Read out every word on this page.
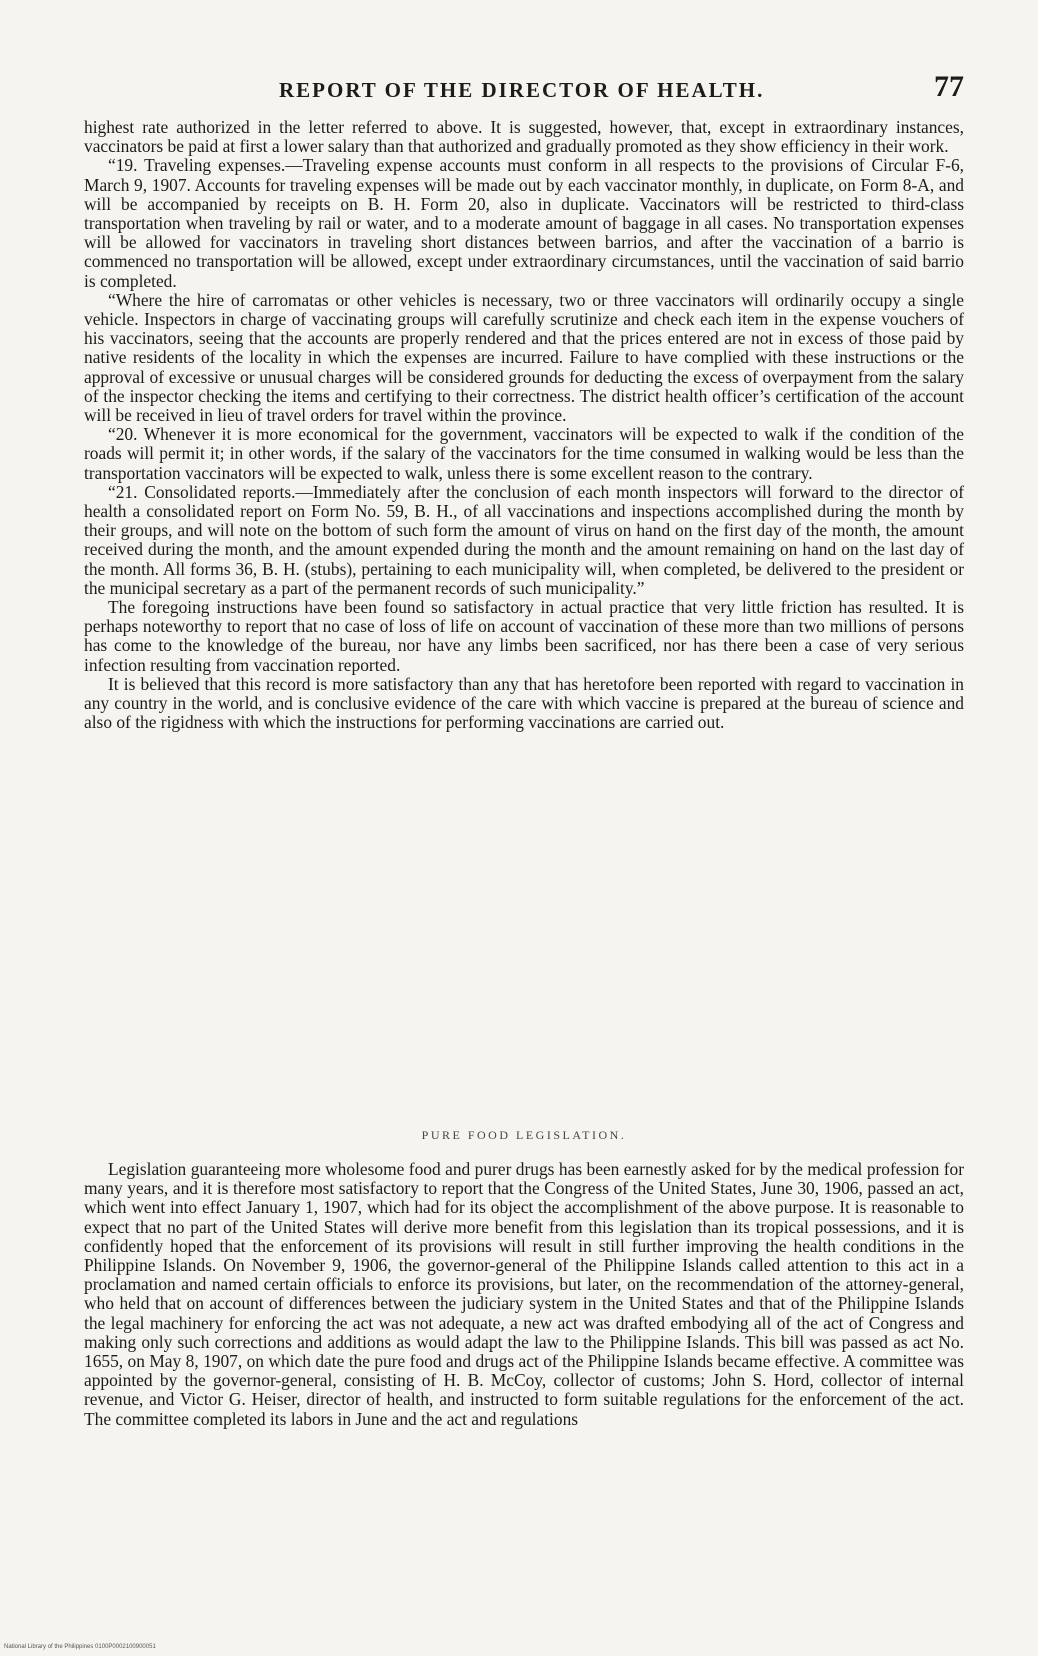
REPORT OF THE DIRECTOR OF HEALTH.	77

highest rate authorized in the letter referred to above. It is suggested, however, that, except in extraordinary instances, vaccinators be paid at first a lower salary than that authorized and gradually promoted as they show efficiency in their work.

“19. Traveling expenses.—Traveling expense accounts must conform in all respects to the provisions of Circular F-6, March 9, 1907. Accounts for traveling expenses will be made out by each vaccinator monthly, in duplicate, on Form 8-A, and will be accompanied by receipts on B. H. Form 20, also in duplicate. Vaccinators will be restricted to third-class transportation when traveling by rail or water, and to a moderate amount of baggage in all cases. No transportation expenses will be allowed for vaccinators in traveling short distances between barrios, and after the vaccination of a barrio is commenced no transportation will be allowed, except under extraordinary circumstances, until the vaccination of said barrio is completed.

“Where the hire of carromatas or other vehicles is necessary, two or three vaccinators will ordinarily occupy a single vehicle. Inspectors in charge of vaccinating groups will carefully scrutinize and check each item in the expense vouchers of his vaccinators, seeing that the accounts are properly rendered and that the prices entered are not in excess of those paid by native residents of the locality in which the expenses are incurred. Failure to have complied with these instructions or the approval of excessive or unusual charges will be considered grounds for deducting the excess of overpayment from the salary of the inspector checking the items and certifying to their correctness. The district health officer’s certification of the account will be received in lieu of travel orders for travel within the province.

“20. Whenever it is more economical for the government, vaccinators will be expected to walk if the condition of the roads will permit it; in other words, if the salary of the vaccinators for the time consumed in walking would be less than the transportation vaccinators will be expected to walk, unless there is some excellent reason to the contrary.

“21. Consolidated reports.—Immediately after the conclusion of each month inspectors will forward to the director of health a consolidated report on Form No. 59, B. H., of all vaccinations and inspections accomplished during the month by their groups, and will note on the bottom of such form the amount of virus on hand on the first day of the month, the amount received during the month, and the amount expended during the month and the amount remaining on hand on the last day of the month. All forms 36, B. H. (stubs), pertaining to each municipality will, when completed, be delivered to the president or the municipal secretary as a part of the permanent records of such municipality.”

The foregoing instructions have been found so satisfactory in actual practice that very little friction has resulted. It is perhaps noteworthy to report that no case of loss of life on account of vaccination of these more than two millions of persons has come to the knowledge of the bureau, nor have any limbs been sacrificed, nor has there been a case of very serious infection resulting from vaccination reported.

It is believed that this record is more satisfactory than any that has heretofore been reported with regard to vaccination in any country in the world, and is conclusive evidence of the care with which vaccine is prepared at the bureau of science and also of the rigidness with which the instructions for performing vaccinations are carried out.

PURE FOOD LEGISLATION.

Legislation guaranteeing more wholesome food and purer drugs has been earnestly asked for by the medical profession for many years, and it is therefore most satisfactory to report that the Congress of the United States, June 30, 1906, passed an act, which went into effect January 1, 1907, which had for its object the accomplishment of the above purpose. It is reasonable to expect that no part of the United States will derive more benefit from this legislation than its tropical possessions, and it is confidently hoped that the enforcement of its provisions will result in still further improving the health conditions in the Philippine Islands. On November 9, 1906, the governor-general of the Philippine Islands called attention to this act in a proclamation and named certain officials to enforce its provisions, but later, on the recommendation of the attorney-general, who held that on account of differences between the judiciary system in the United States and that of the Philippine Islands the legal machinery for enforcing the act was not adequate, a new act was drafted embodying all of the act of Congress and making only such corrections and additions as would adapt the law to the Philippine Islands. This bill was passed as act No. 1655, on May 8, 1907, on which date the pure food and drugs act of the Philippine Islands became effective. A committee was appointed by the governor-general, consisting of H. B. McCoy, collector of customs; John S. Hord, collector of internal revenue, and Victor G. Heiser, director of health, and instructed to form suitable regulations for the enforcement of the act. The committee completed its labors in June and the act and regulations

National Library of the Philippines 0100P0002100900051
